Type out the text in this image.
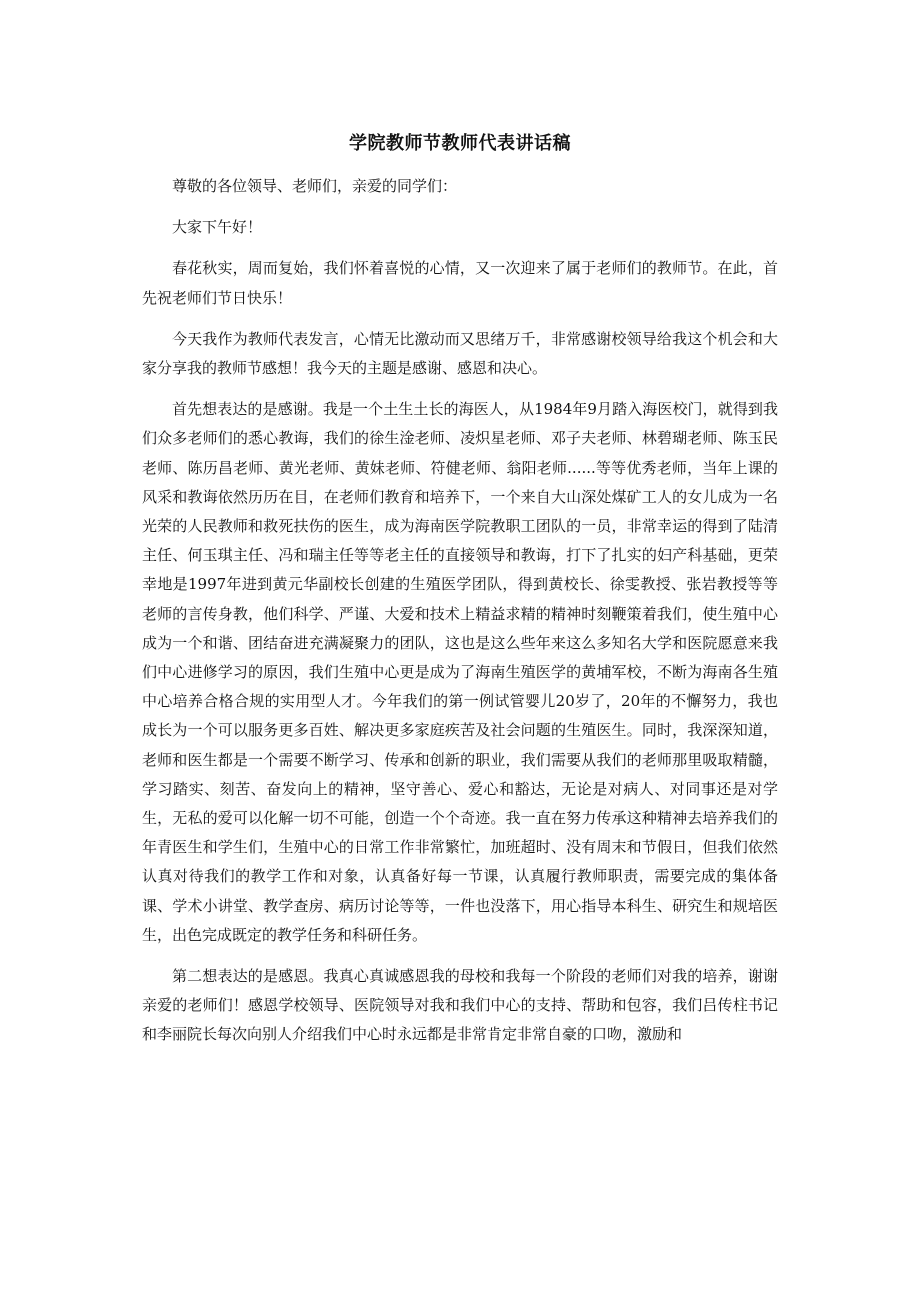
学院教师节教师代表讲话稿

尊敬的各位领导、老师们，亲爱的同学们：

大家下午好！

春花秋实，周而复始，我们怀着喜悦的心情，又一次迎来了属于老师们的教师节。在此，首先祝老师们节日快乐！

今天我作为教师代表发言，心情无比激动而又思绪万千，非常感谢校领导给我这个机会和大家分享我的教师节感想！我今天的主题是感谢、感恩和决心。

首先想表达的是感谢。我是一个土生土长的海医人，从1984年9月踏入海医校门，就得到我们众多老师们的悉心教诲，我们的徐生淦老师、凌炽星老师、邓子夫老师、林碧瑚老师、陈玉民老师、陈历昌老师、黄光老师、黄妹老师、符健老师、翁阳老师......等等优秀老师，当年上课的风采和教诲依然历历在目，在老师们教育和培养下，一个来自大山深处煤矿工人的女儿成为一名光荣的人民教师和救死扶伤的医生，成为海南医学院教职工团队的一员，非常幸运的得到了陆清主任、何玉琪主任、冯和瑞主任等等老主任的直接领导和教诲，打下了扎实的妇产科基础，更荣幸地是1997年进到黄元华副校长创建的生殖医学团队，得到黄校长、徐雯教授、张岩教授等等老师的言传身教，他们科学、严谨、大爱和技术上精益求精的精神时刻鞭策着我们，使生殖中心成为一个和谐、团结奋进充满凝聚力的团队，这也是这么些年来这么多知名大学和医院愿意来我们中心进修学习的原因，我们生殖中心更是成为了海南生殖医学的黄埔军校，不断为海南各生殖中心培养合格合规的实用型人才。今年我们的第一例试管婴儿20岁了，20年的不懈努力，我也成长为一个可以服务更多百姓、解决更多家庭疾苦及社会问题的生殖医生。同时，我深深知道，老师和医生都是一个需要不断学习、传承和创新的职业，我们需要从我们的老师那里吸取精髓，学习踏实、刻苦、奋发向上的精神，坚守善心、爱心和豁达，无论是对病人、对同事还是对学生，无私的爱可以化解一切不可能，创造一个个奇迹。我一直在努力传承这种精神去培养我们的年青医生和学生们，生殖中心的日常工作非常繁忙，加班超时、没有周末和节假日，但我们依然认真对待我们的教学工作和对象，认真备好每一节课，认真履行教师职责，需要完成的集体备课、学术小讲堂、教学查房、病历讨论等等，一件也没落下，用心指导本科生、研究生和规培医生，出色完成既定的教学任务和科研任务。

第二想表达的是感恩。我真心真诚感恩我的母校和我每一个阶段的老师们对我的培养，谢谢亲爱的老师们！感恩学校领导、医院领导对我和我们中心的支持、帮助和包容，我们吕传柱书记和李丽院长每次向别人介绍我们中心时永远都是非常肯定非常自豪的口吻，激励和
